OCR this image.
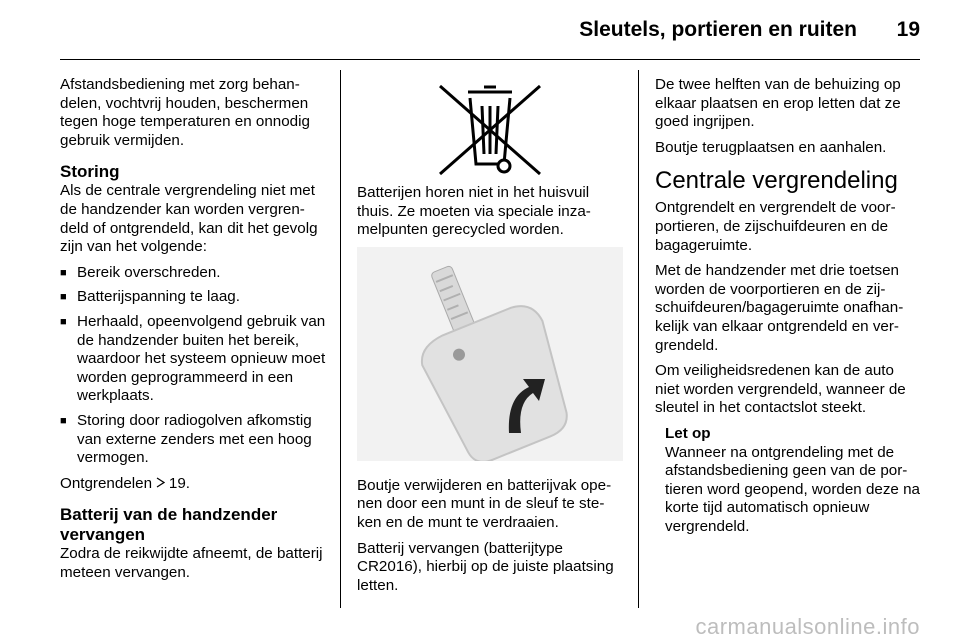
Sleutels, portieren en ruiten 19

Afstandsbediening met zorg behandelen, vochtvrij houden, beschermen tegen hoge temperaturen en onnodig gebruik vermijden.

Storing

Als de centrale vergrendeling niet met de handzender kan worden vergrendeld of ontgrendeld, kan dit het gevolg zijn van het volgende:

■ Bereik overschreden.
■ Batterijspanning te laag.
■ Herhaald, opeenvolgend gebruik van de handzender buiten het bereik, waardoor het systeem opnieuw moet worden geprogrammeerd in een werkplaats.
■ Storing door radiogolven afkomstig van externe zenders met een hoog vermogen.

Ontgrendelen 19.

Batterij van de handzender vervangen

Zodra de reikwijdte afneemt, de batterij meteen vervangen.

Batterijen horen niet in het huisvuil thuis. Ze moeten via speciale inzamelpunten gerecycled worden.

Boutje verwijderen en batterijvak openen door een munt in de sleuf te steken en de munt te verdraaien.

Batterij vervangen (batterijtype CR2016), hierbij op de juiste plaatsing letten.

De twee helften van de behuizing op elkaar plaatsen en erop letten dat ze goed ingrijpen.

Boutje terugplaatsen en aanhalen.

Centrale vergrendeling

Ontgrendelt en vergrendelt de voorportieren, de zijschuifdeuren en de bagageruimte.

Met de handzender met drie toetsen worden de voorportieren en de zijschuifdeuren/bagageruimte onafhankelijk van elkaar ontgrendeld en vergrendeld.

Om veiligheidsredenen kan de auto niet worden vergrendeld, wanneer de sleutel in het contactslot steekt.

Let op

Wanneer na ontgrendeling met de afstandsbediening geen van de portieren word geopend, worden deze na korte tijd automatisch opnieuw vergrendeld.

carmanualsonline.info
